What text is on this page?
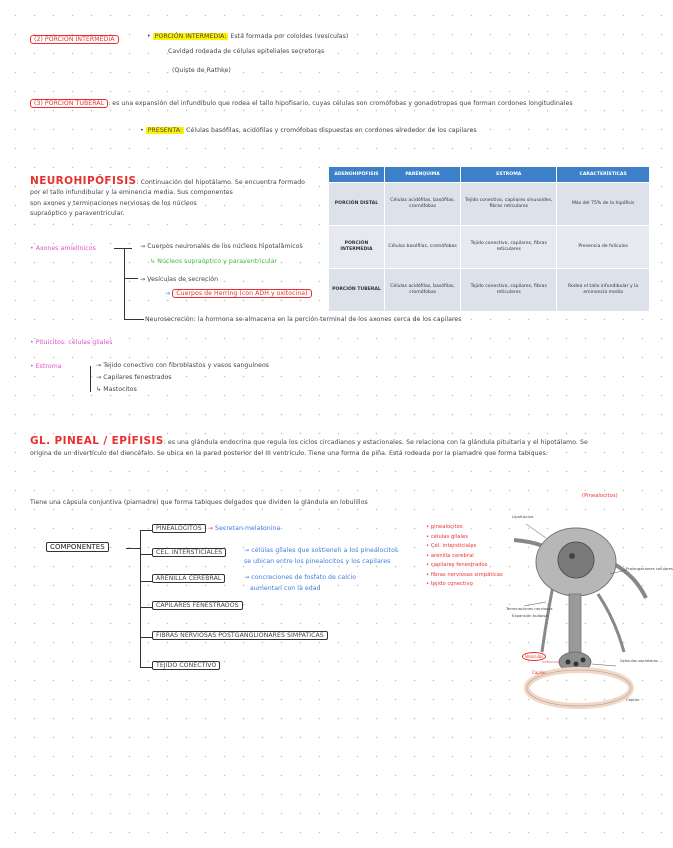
(2) PORCIÓN INTERMEDIA	• PORCIÓN INTERMEDIA: Está formada por coloides (vesículas)
Cavidad rodeada de células epiteliales secretoras
(Quiste de Rathke)
(3) PORCIÓN TUBERAL : es una expansión del infundíbulo que rodea el tallo hipofisario, cuyas células son cromófobas y gonadotropas que forman cordones longitudinales
• PRESENTA: Células basófilas, acidófilas y cromófobas dispuestas en cordones alrededor de los capilares
NEUROHIPÓFISIS: Continuación del hipotálamo. Se encuentra formado
por el tallo infundibular y la eminencia media. Sus componentes
son axones y terminaciones nerviosas de los núcleos
supraóptico y paraventricular.
• Axones amielínicos	→ Cuerpos neuronales de los núcleos hipotalámicos
↳ Núcleos supraóptico y paraventricular
→ Vesículas de secreción
→ Cuerpos de Herring (con ADH y oxitocina)
Neurosecreción: la hormona se almacena en la porción terminal de los axones cerca de los capilares
• Pituicitos: células gliales
• Estroma	→ Tejido conectivo con fibroblastos y vasos sanguíneos
→ Capilares fenestrados
↳ Mastocitos
ADENOHIPÓFISIS	PARÉNQUIMA	ESTROMA	CARACTERÍSTICAS
PORCIÓN DISTAL	Células acidófilas, basófilas, cromófobas	Tejido conectivo, capilares sinusoides, fibras reticulares	Más del 75% de la hipófisis
PORCIÓN INTERMEDIA	Células basófilas, cromófobas	Tejido conectivo, capilares, fibras reticulares	Presencia de folículos
PORCIÓN TUBERAL	Células acidófilas, basófilas, cromófobas	Tejido conectivo, capilares, fibras reticulares	Rodea el tallo infundibular y la eminencia media
GL. PINEAL / EPÍFISIS: es una glándula endocrina que regula los ciclos circadianos y estacionales. Se relaciona con la glándula pituitaria y el hipotálamo. Se
origina de un divertículo del diencéfalo. Se ubica en la pared posterior del III ventrículo. Tiene una forma de piña. Está rodeada por la piamadre que forma tabiques.
Tiene una cápsula conjuntiva (piamadre) que forma tabiques delgados que dividen la glándula en lobulillos
COMPONENTES
PINEALOCITOS → Secretan melatonina
CEL. INTERSTICIALES	→ células gliales que sostienen a los pinealocitos
se ubican entre los pinealocitos y los capilares
ARENILLA CEREBRAL	→ concreciones de fosfato de calcio
aumentan con la edad
CAPILARES FENESTRADOS
FIBRAS NERVIOSAS POSTGANGLIONARES SIMPÁTICAS
TEJIDO CONECTIVO
• pinealocitos
• células gliales
• Cél. intersticiales
• arenilla cerebral
• capilares fenestrados
• fibras nerviosas simpáticas
• tejido conectivo
(Pinealocitos)
Lipofuscina
Prolongaciones celulares
Terminaciones nerviosas
Expansión bulbosa
Gránulos secretores
Capilar
Vesículas
Capilar
